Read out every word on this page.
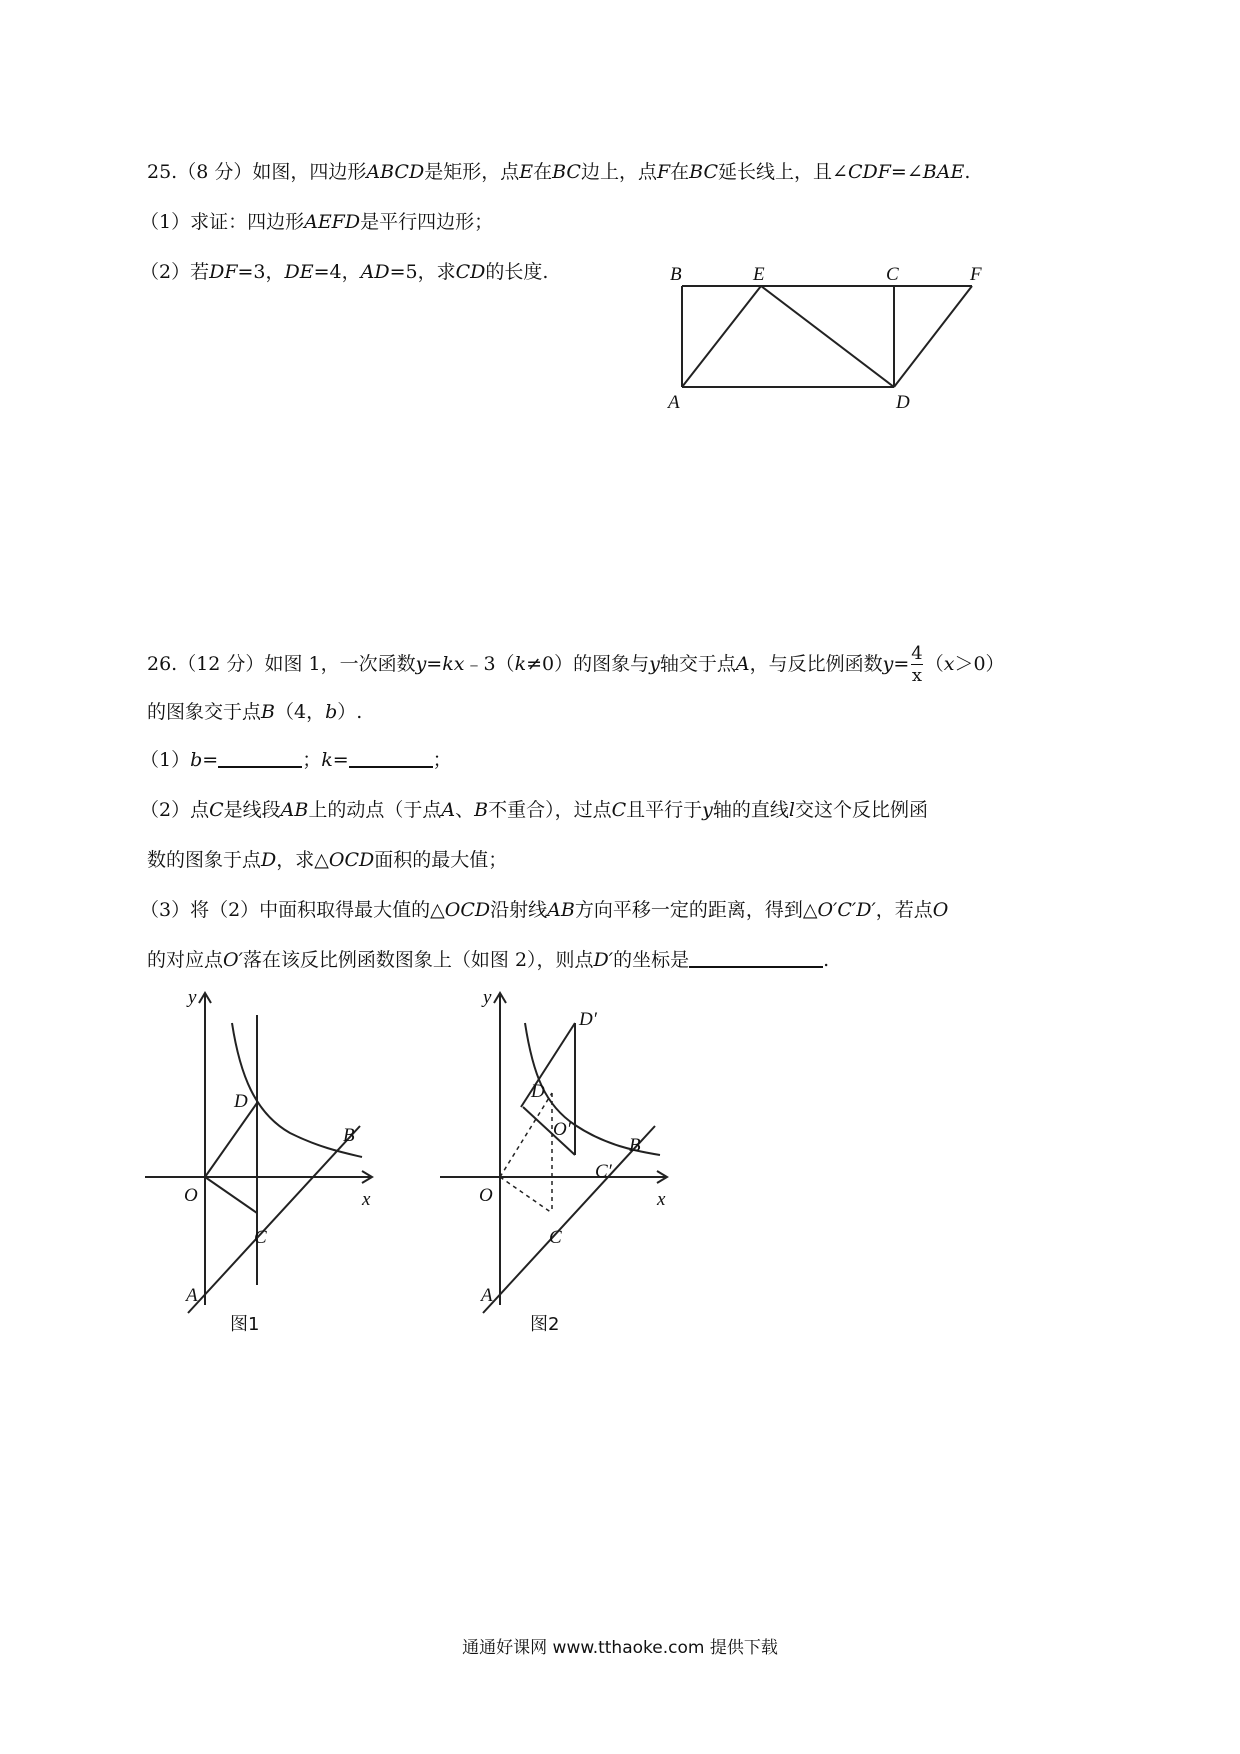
25.（8 分）如图，四边形ABCD是矩形，点E在BC边上，点F在BC延长线上，且∠CDF=∠BAE.
（1）求证：四边形AEFD是平行四边形；
（2）若DF=3，DE=4，AD=5，求CD的长度.	B	E	C	F
A	D
26.（12 分）如图 1，一次函数y=kx﹣3（k≠0）的图象与y轴交于点A，与反比例函数$y= \frac{4}{x} (x>0)$
的图象交于点B（4，b）.
（1）b=	；k=	；
（2）点C是线段AB上的动点（于点A、B不重合），过点C且平行于y轴的直线l交这个反比例函
数的图象于点D，求△OCD面积的最大值；
（3）将（2）中面积取得最大值的△OCD沿射线AB方向平移一定的距离，得到△O′C′D′，若点O
的对应点O′落在该反比例函数图象上（如图 2），则点D′的坐标是	.
y
x
O
D
B
C
A
图1
y
x
O
D
D′
O′
B
C′
C
A
图2
通通好课网 www.tthaoke.com 提供下载
